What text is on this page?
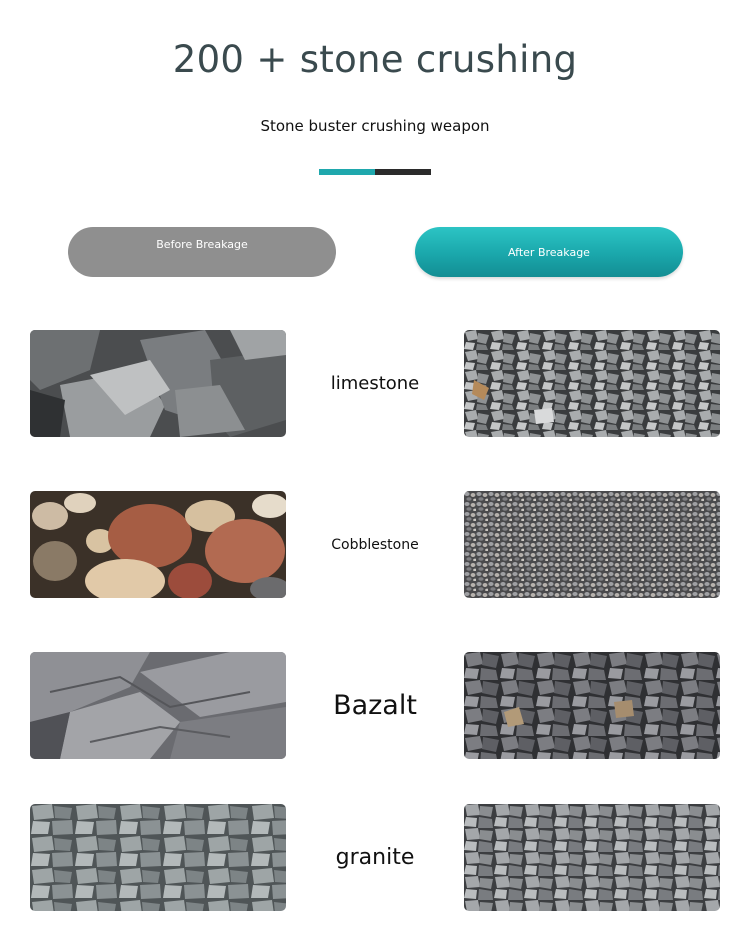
200 + stone crushing
Stone buster crushing weapon
Before Breakage
After Breakage
limestone
Cobblestone
Bazalt
granite
